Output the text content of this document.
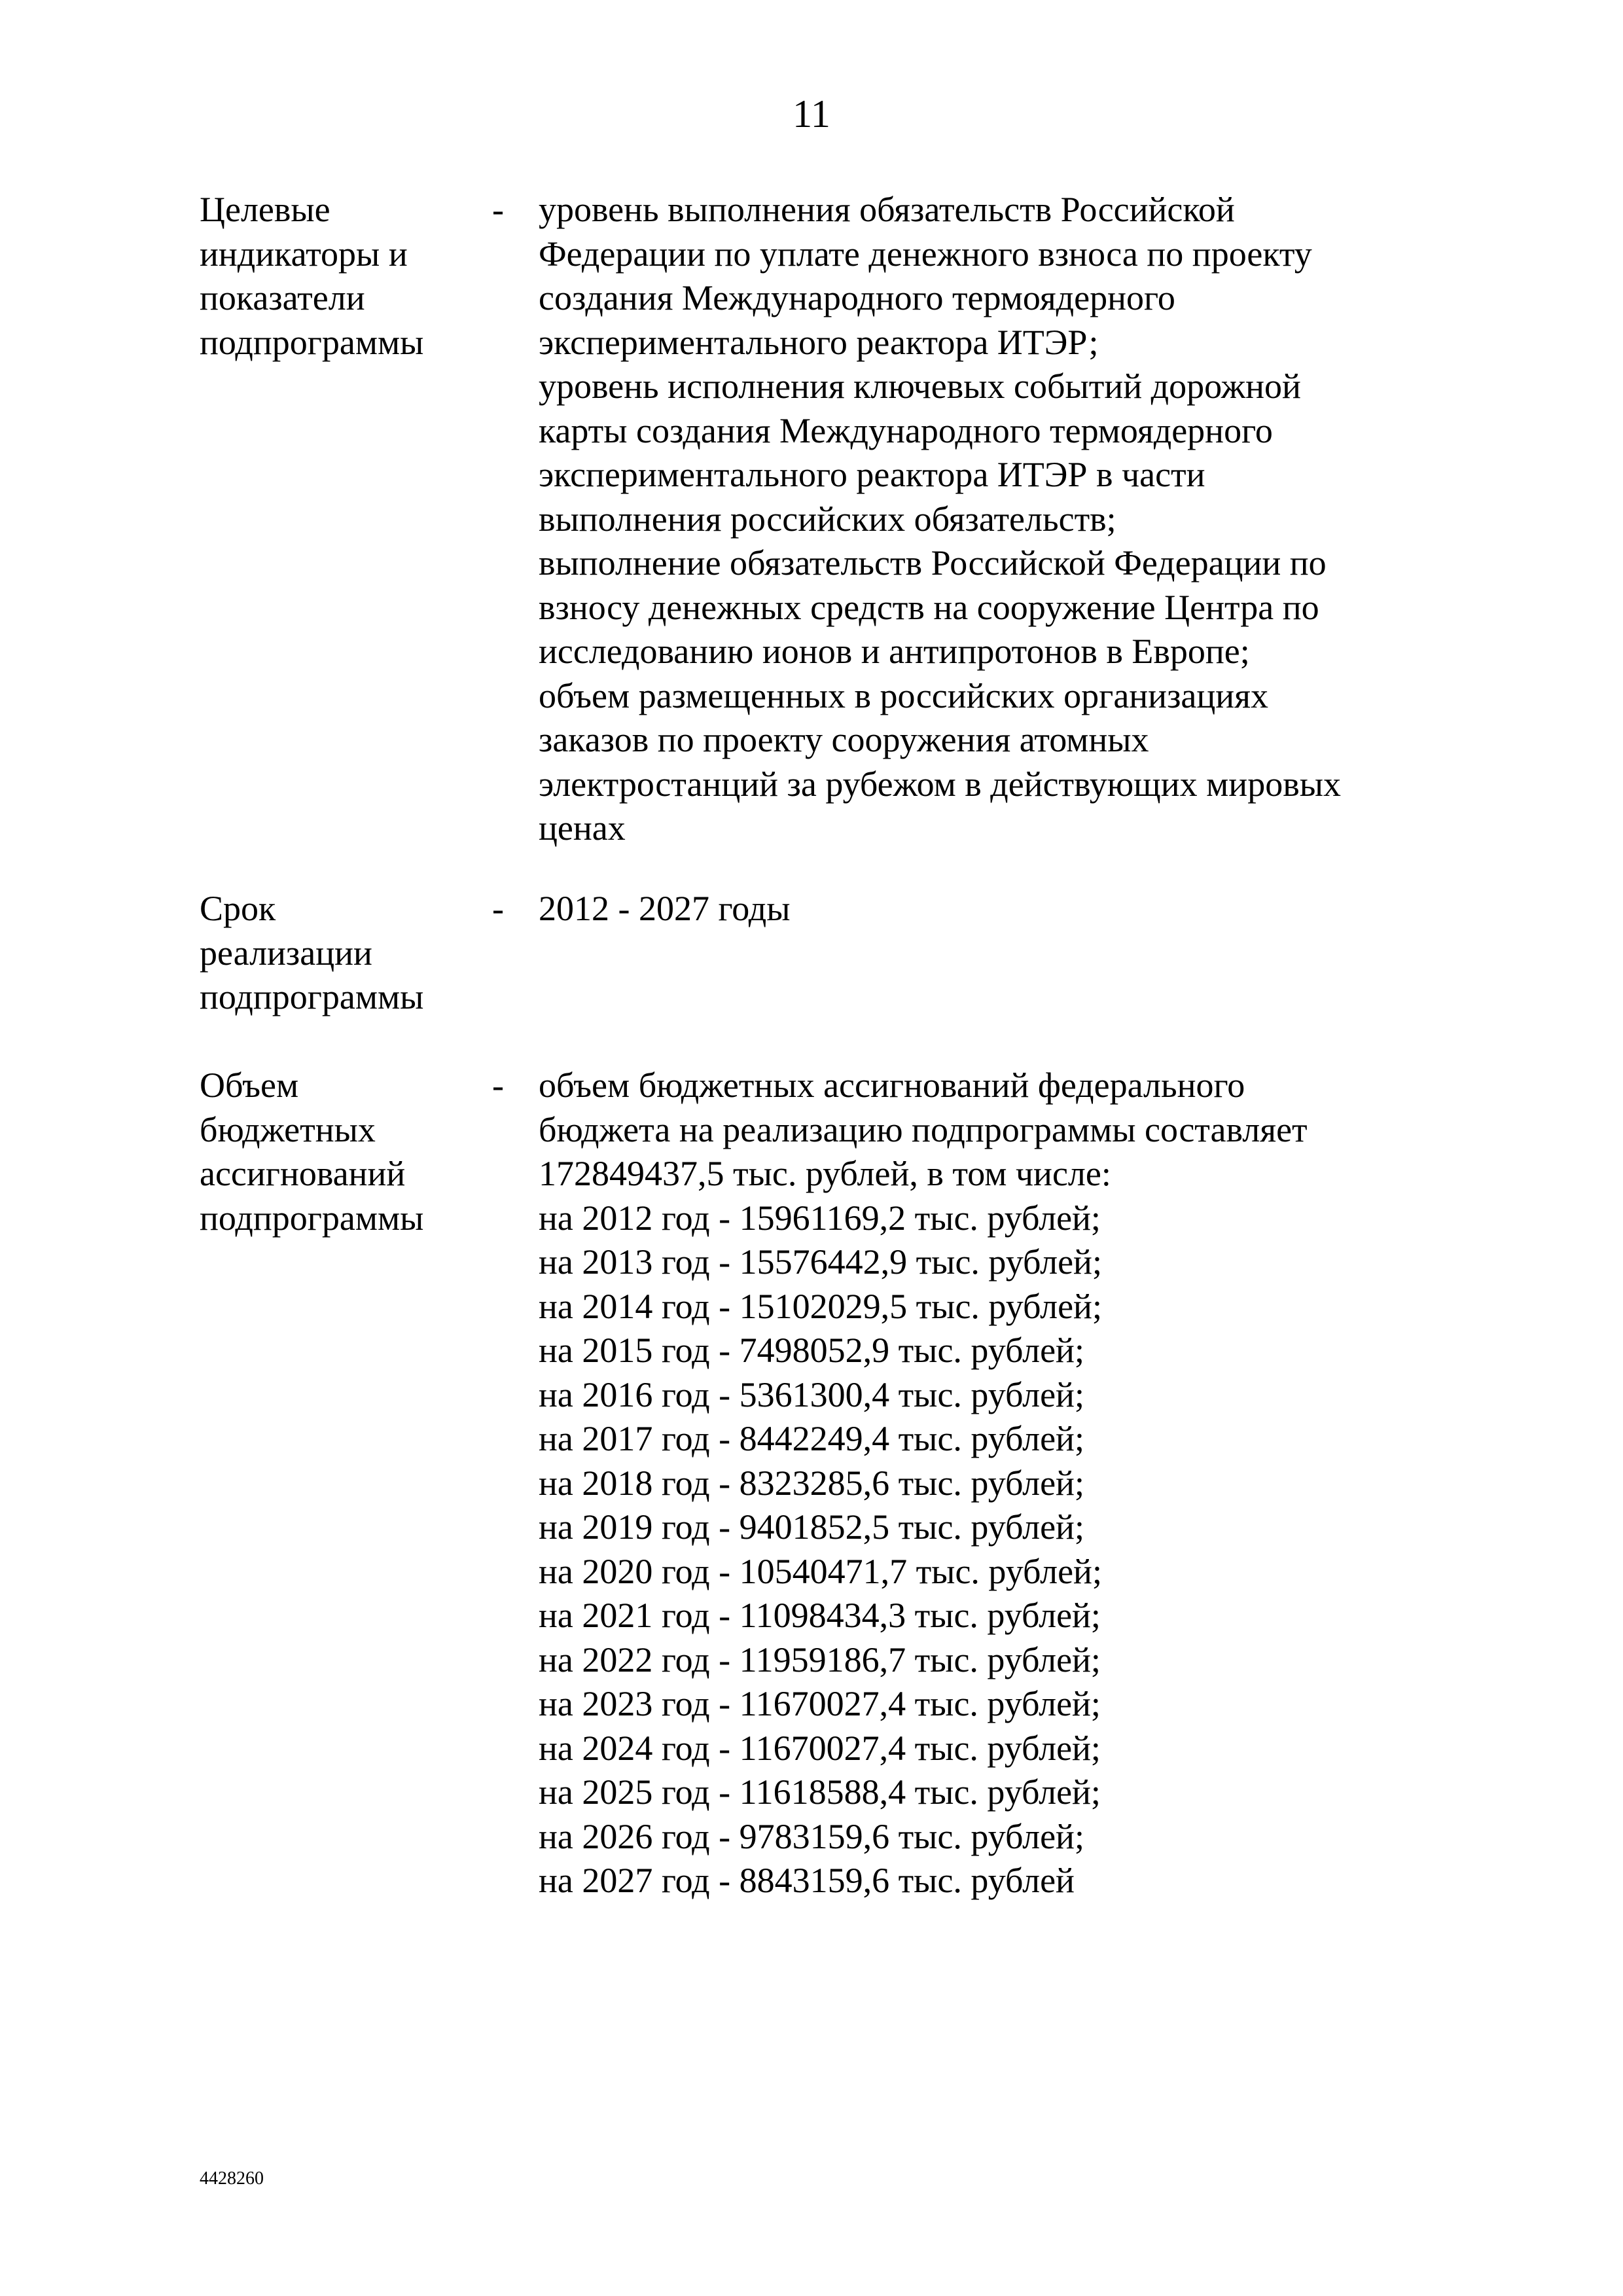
11
Целевые
индикаторы и
показатели
подпрограммы
- уровень выполнения обязательств Российской
Федерации по уплате денежного взноса по проекту
создания Международного термоядерного
экспериментального реактора ИТЭР;
уровень исполнения ключевых событий дорожной
карты создания Международного термоядерного
экспериментального реактора ИТЭР в части
выполнения российских обязательств;
выполнение обязательств Российской Федерации по
взносу денежных средств на сооружение Центра по
исследованию ионов и антипротонов в Европе;
объем размещенных в российских организациях
заказов по проекту сооружения атомных
электростанций за рубежом в действующих мировых
ценах
Срок
реализации
подпрограммы
- 2012 - 2027 годы
Объем
бюджетных
ассигнований
подпрограммы
- объем бюджетных ассигнований федерального
бюджета на реализацию подпрограммы составляет
172849437,5 тыс. рублей, в том числе:
на 2012 год - 15961169,2 тыс. рублей;
на 2013 год - 15576442,9 тыс. рублей;
на 2014 год - 15102029,5 тыс. рублей;
на 2015 год - 7498052,9 тыс. рублей;
на 2016 год - 5361300,4 тыс. рублей;
на 2017 год - 8442249,4 тыс. рублей;
на 2018 год - 8323285,6 тыс. рублей;
на 2019 год - 9401852,5 тыс. рублей;
на 2020 год - 10540471,7 тыс. рублей;
на 2021 год - 11098434,3 тыс. рублей;
на 2022 год - 11959186,7 тыс. рублей;
на 2023 год - 11670027,4 тыс. рублей;
на 2024 год - 11670027,4 тыс. рублей;
на 2025 год - 11618588,4 тыс. рублей;
на 2026 год - 9783159,6 тыс. рублей;
на 2027 год - 8843159,6 тыс. рублей
4428260
